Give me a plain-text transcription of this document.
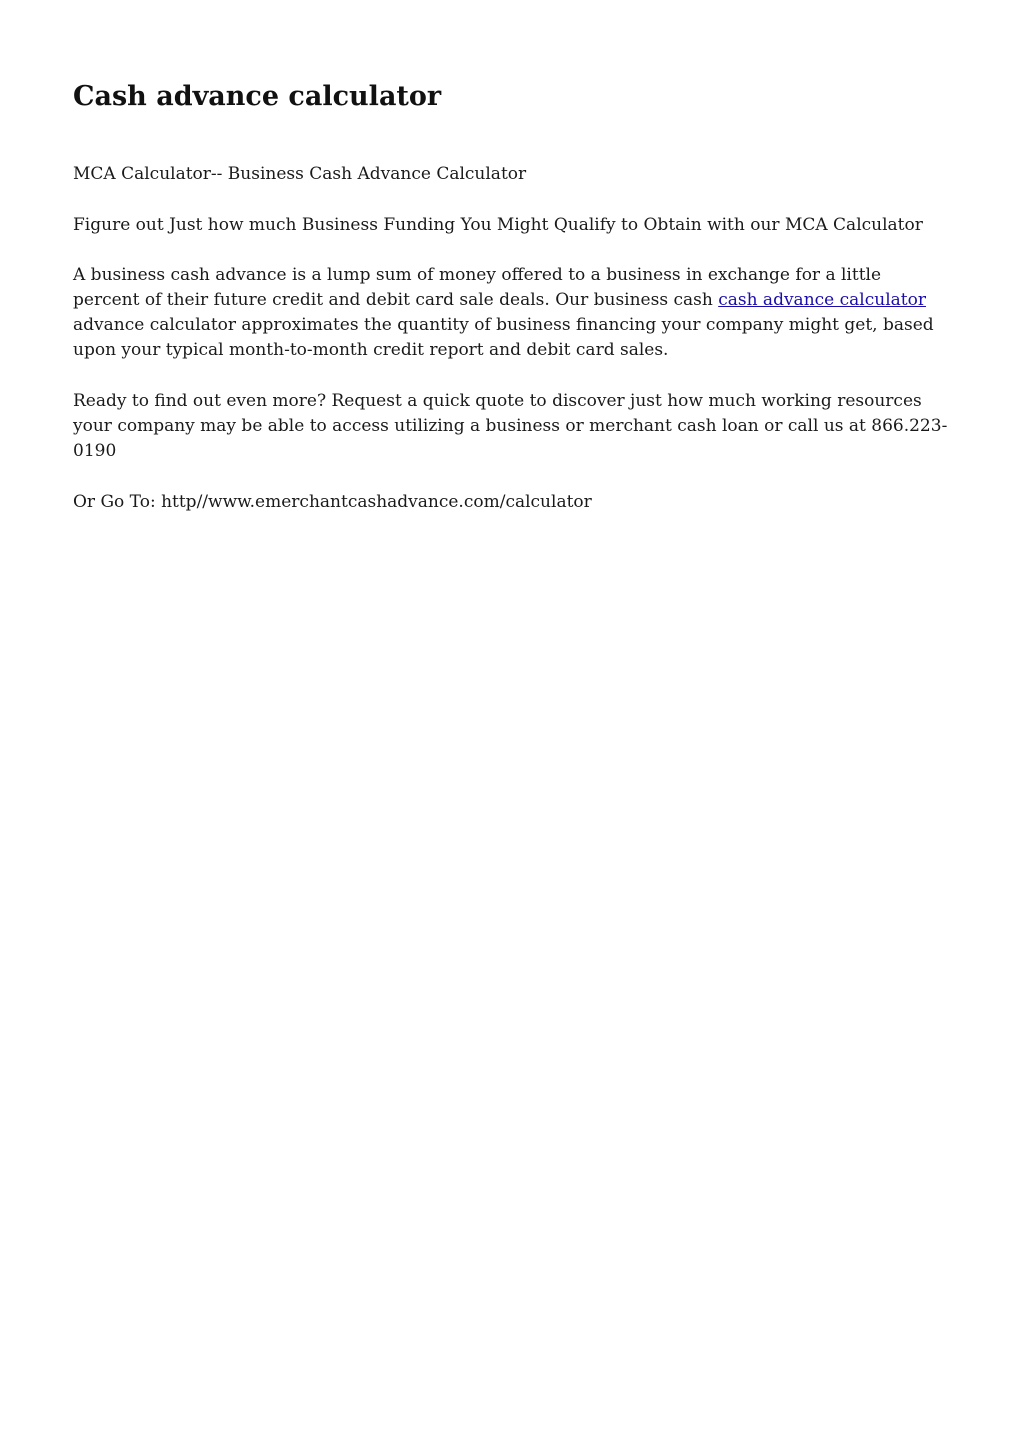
Cash advance calculator

MCA Calculator-- Business Cash Advance Calculator

Figure out Just how much Business Funding You Might Qualify to Obtain with our MCA Calculator

A business cash advance is a lump sum of money offered to a business in exchange for a little
percent of their future credit and debit card sale deals. Our business cash cash advance calculator
advance calculator approximates the quantity of business financing your company might get, based
upon your typical month-to-month credit report and debit card sales.

Ready to find out even more? Request a quick quote to discover just how much working resources
your company may be able to access utilizing a business or merchant cash loan or call us at 866.223-
0190

Or Go To: http//www.emerchantcashadvance.com/calculator
